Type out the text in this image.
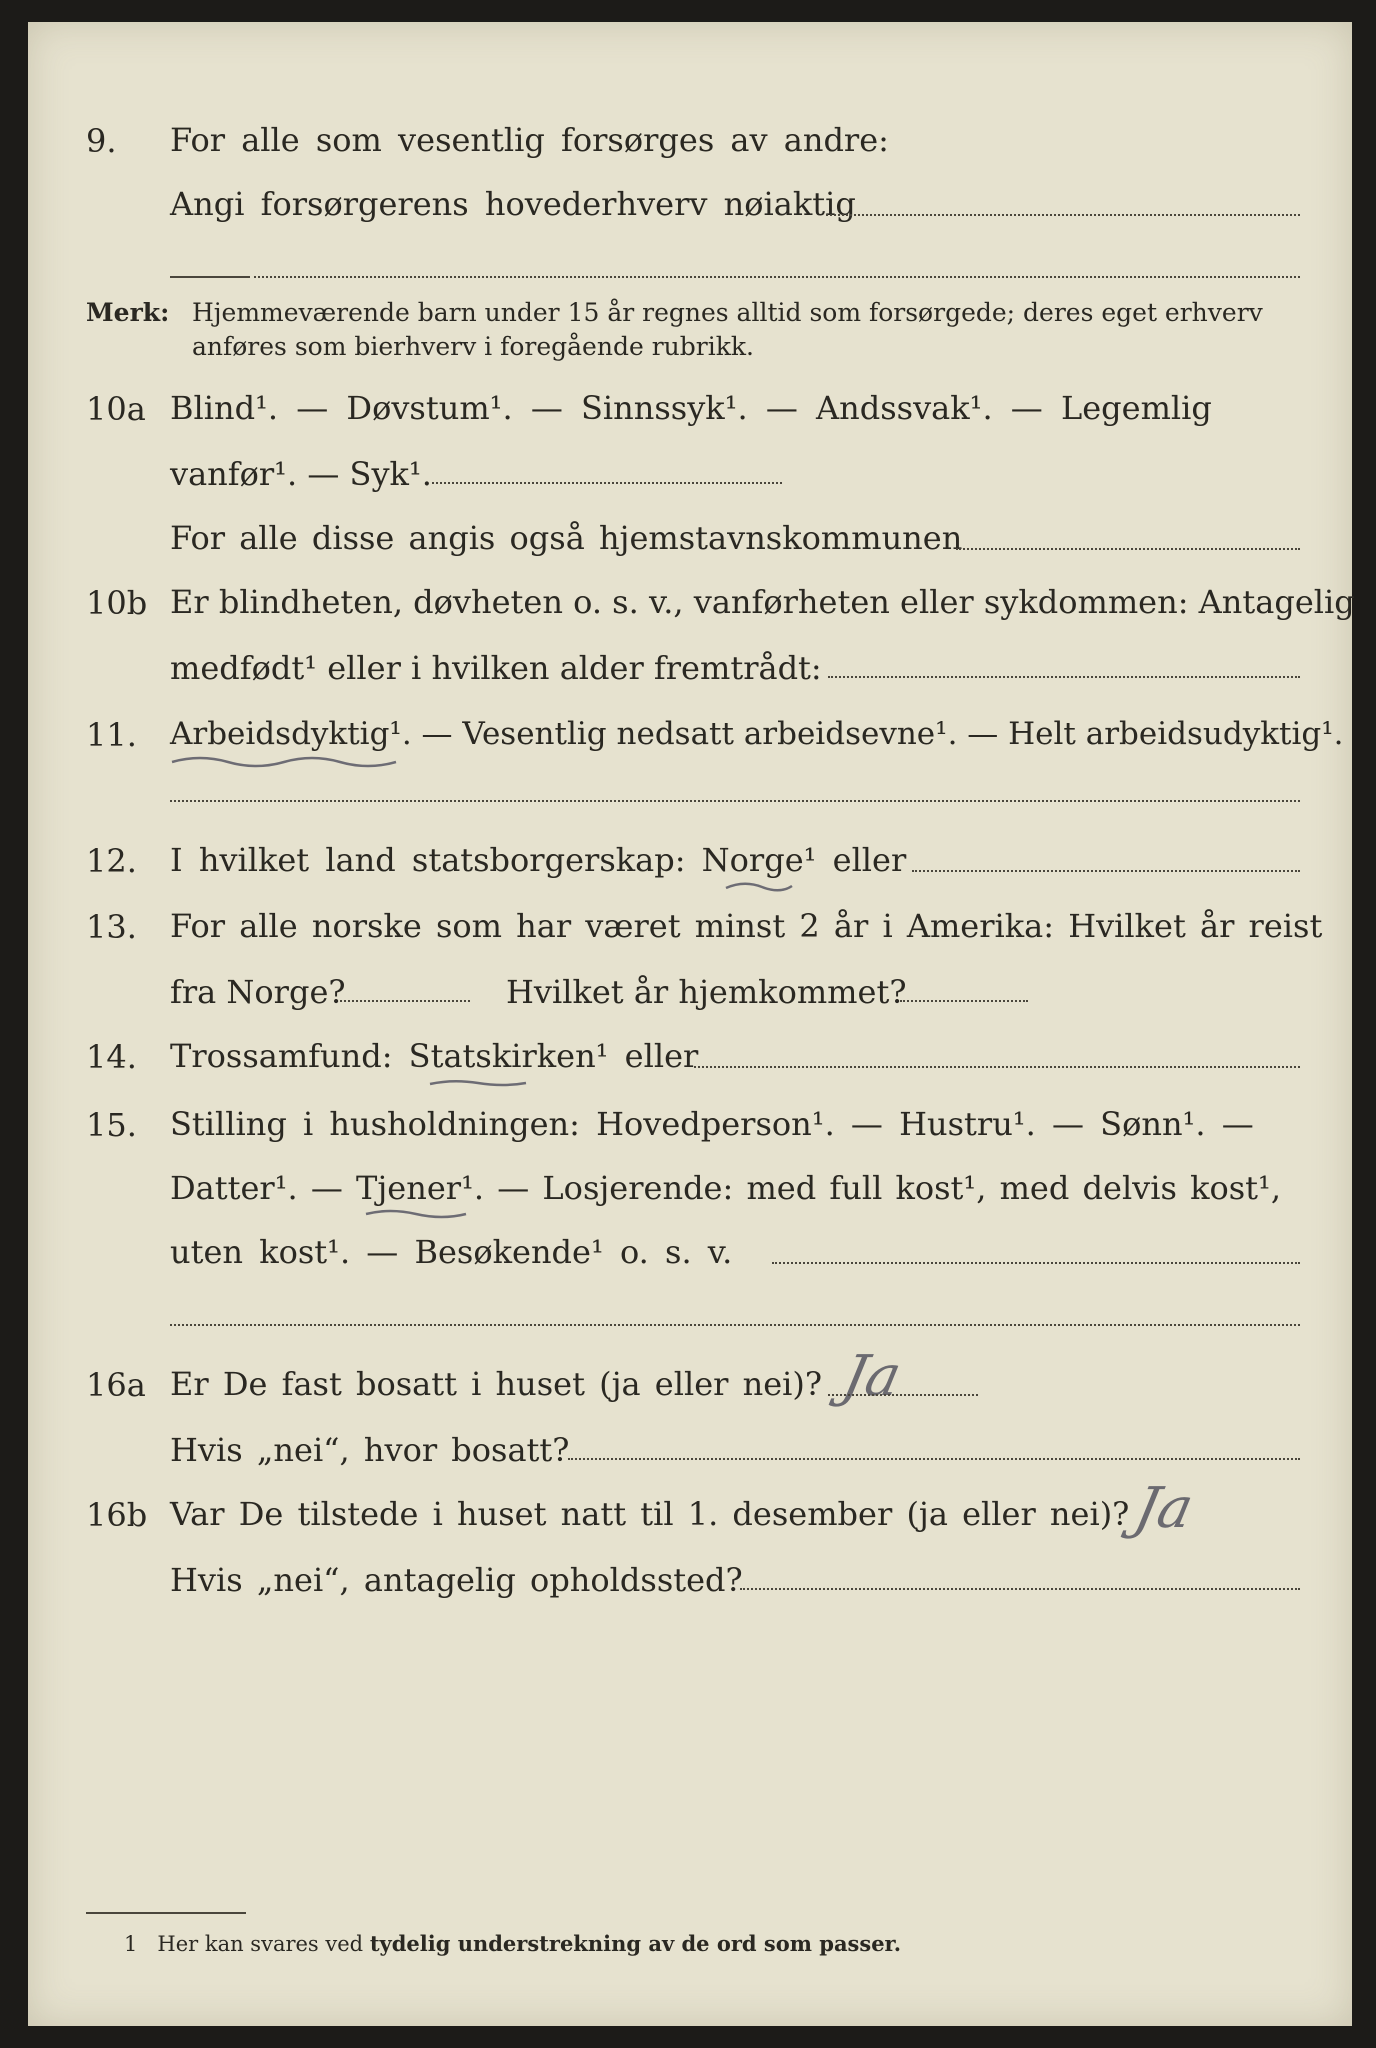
9. For alle som vesentlig forsørges av andre:
Angi forsørgerens hovederhverv nøiaktig
Merk: Hjemmeværende barn under 15 år regnes alltid som forsørgede; deres eget erhverv
anføres som bierhverv i foregående rubrikk.
10a Blind¹. — Døvstum¹. — Sinnssyk¹. — Andssvak¹. — Legemlig
vanfør¹. — Syk¹.
For alle disse angis også hjemstavnskommunen
10b Er blindheten, døvheten o. s. v., vanførheten eller sykdommen: Antagelig
medfødt¹ eller i hvilken alder fremtrådt:
11. Arbeidsdyktig¹. — Vesentlig nedsatt arbeidsevne¹. — Helt arbeidsudyktig¹.
12. I hvilket land statsborgerskap: Norge¹ eller
13. For alle norske som har været minst 2 år i Amerika: Hvilket år reist
fra Norge?	Hvilket år hjemkommet?
14. Trossamfund: Statskirken¹ eller
15. Stilling i husholdningen: Hovedperson¹. — Hustru¹. — Sønn¹. —
Datter¹. — Tjener¹. — Losjerende: med full kost¹, med delvis kost¹,
uten kost¹. — Besøkende¹ o. s. v.
16a Er De fast bosatt i huset (ja eller nei)? Ja
Hvis „nei“, hvor bosatt?
16b Var De tilstede i huset natt til 1. desember (ja eller nei)? Ja
Hvis „nei“, antagelig opholdssted?
1 Her kan svares ved tydelig understrekning av de ord som passer.
